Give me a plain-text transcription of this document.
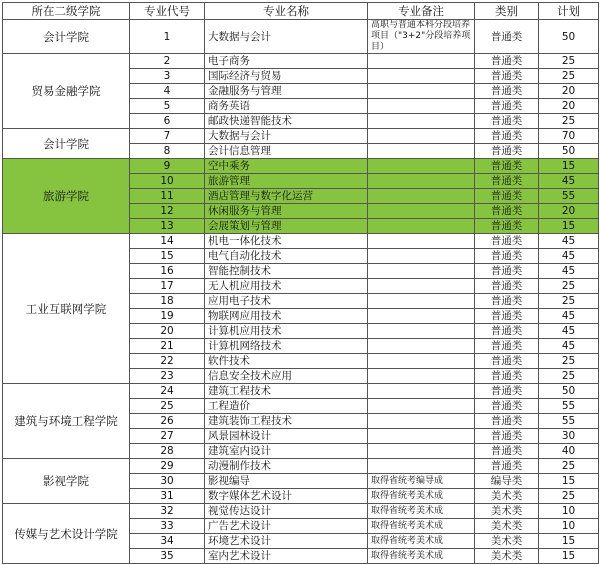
所在二级学院	专业代号	专业名称	专业备注	类别	计划
会计学院	1	大数据与会计	高职与普通本科分段培养项目（"3+2"分段培养项目）	普通类	50
贸易金融学院	2	电子商务		普通类	25
	3	国际经济与贸易		普通类	25
	4	金融服务与管理		普通类	20
	5	商务英语		普通类	20
	6	邮政快递智能技术		普通类	25
会计学院	7	大数据与会计		普通类	70
	8	会计信息管理		普通类	50
旅游学院	9	空中乘务		普通类	15
	10	旅游管理		普通类	45
	11	酒店管理与数字化运营		普通类	55
	12	休闲服务与管理		普通类	20
	13	会展策划与管理		普通类	15
工业互联网学院	14	机电一体化技术		普通类	45
	15	电气自动化技术		普通类	45
	16	智能控制技术		普通类	45
	17	无人机应用技术		普通类	25
	18	应用电子技术		普通类	25
	19	物联网应用技术		普通类	45
	20	计算机应用技术		普通类	45
	21	计算机网络技术		普通类	45
	22	软件技术		普通类	25
	23	信息安全技术应用		普通类	25
建筑与环境工程学院	24	建筑工程技术		普通类	50
	25	工程造价		普通类	55
	26	建筑装饰工程技术		普通类	55
	27	风景园林设计		普通类	30
	28	建筑室内设计		普通类	40
影视学院	29	动漫制作技术		普通类	25
	30	影视编导	取得省统考编导成	编导类	15
	31	数字媒体艺术设计	取得省统考美术成	美术类	25
传媒与艺术设计学院	32	视觉传达设计	取得省统考美术成	美术类	10
	33	广告艺术设计	取得省统考美术成	美术类	10
	34	环境艺术设计	取得省统考美术成	美术类	15
	35	室内艺术设计	取得省统考美术成	美术类	15
